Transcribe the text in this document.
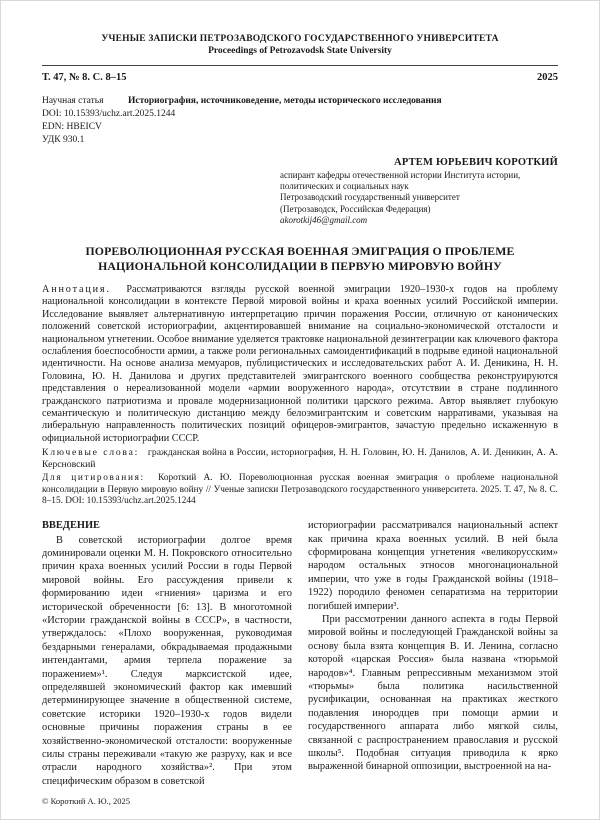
УЧЕНЫЕ ЗАПИСКИ ПЕТРОЗАВОДСКОГО ГОСУДАРСТВЕННОГО УНИВЕРСИТЕТА
Proceedings of Petrozavodsk State University
Т. 47, № 8. С. 8–15	2025
Научная статья	Историография, источниковедение, методы исторического исследования
DOI: 10.15393/uchz.art.2025.1244
EDN: HBEICV
УДК 930.1
АРТЕМ ЮРЬЕВИЧ КОРОТКИЙ
аспирант кафедры отечественной истории Института истории, политических и социальных наук
Петрозаводский государственный университет
(Петрозаводск, Российская Федерация)
akorotkij46@gmail.com
ПОРЕВОЛЮЦИОННАЯ РУССКАЯ ВОЕННАЯ ЭМИГРАЦИЯ О ПРОБЛЕМЕ НАЦИОНАЛЬНОЙ КОНСОЛИДАЦИИ В ПЕРВУЮ МИРОВУЮ ВОЙНУ

Аннотация. Рассматриваются взгляды русской военной эмиграции 1920–1930-х годов на проблему национальной консолидации в контексте Первой мировой войны и краха военных усилий Российской империи. Исследование выявляет альтернативную интерпретацию причин поражения России, отличную от канонических положений советской историографии, акцентировавшей внимание на социально-экономической отсталости и национальном угнетении. Особое внимание уделяется трактовке национальной дезинтеграции как ключевого фактора ослабления боеспособности армии, а также роли региональных самоидентификаций в подрыве единой национальной идентичности. На основе анализа мемуаров, публицистических и исследовательских работ А. И. Деникина, Н. Н. Головина, Ю. Н. Данилова и других представителей эмигрантского военного сообщества реконструируются представления о нереализованной модели «армии вооруженного народа», отсутствии в стране подлинного гражданского патриотизма и провале модернизационной политики царского режима. Автор выявляет глубокую семантическую и политическую дистанцию между белоэмигрантским и советским нарративами, указывая на либеральную направленность политических позиций офицеров-эмигрантов, зачастую предельно искаженную в официальной историографии СССР.

Ключевые слова: гражданская война в России, историография, Н. Н. Головин, Ю. Н. Данилов, А. И. Деникин, А. А. Керсновский

Для цитирования: Короткий А. Ю. Пореволюционная русская военная эмиграция о проблеме национальной консолидации в Первую мировую войну // Ученые записки Петрозаводского государственного университета. 2025. Т. 47, № 8. С. 8–15. DOI: 10.15393/uchz.art.2025.1244

ВВЕДЕНИЕ

В советской историографии долгое время доминировали оценки М. Н. Покровского относительно причин краха военных усилий России в годы Первой мировой войны. Его рассуждения привели к формированию идеи «гниения» царизма и его исторической обреченности [6: 13]. В многотомной «Истории гражданской войны в СССР», в частности, утверждалось: «Плохо вооруженная, руководимая бездарными генералами, обкрадываемая продажными интендантами, армия терпела поражение за поражением»¹. Следуя марксистской идее, определявшей экономический фактор как имевший детерминирующее значение в общественной системе, советские историки 1920–1930-х годов видели основные причины поражения страны в ее хозяйственно-экономической отсталости: вооруженные силы страны переживали «такую же разруху, как и все отрасли народного хозяйства»². При этом специфическим образом в советской

© Короткий А. Ю., 2025

историографии рассматривался национальный аспект как причина краха военных усилий. В ней была сформирована концепция угнетения «великорусским» народом остальных этносов многонациональной империи, что уже в годы Гражданской войны (1918–1922) породило феномен сепаратизма на территории погибшей империи³.

При рассмотрении данного аспекта в годы Первой мировой войны и последующей Гражданской войны за основу была взята концепция В. И. Ленина, согласно которой «царская Россия» была названа «тюрьмой народов»⁴. Главным репрессивным механизмом этой «тюрьмы» была политика насильственной русификации, основанная на практиках жесткого подавления инородцев при помощи армии и государственного аппарата либо мягкой силы, связанной с распространением православия и русской школы⁵. Подобная ситуация приводила к ярко выраженной бинарной оппозиции, выстроенной на на-
